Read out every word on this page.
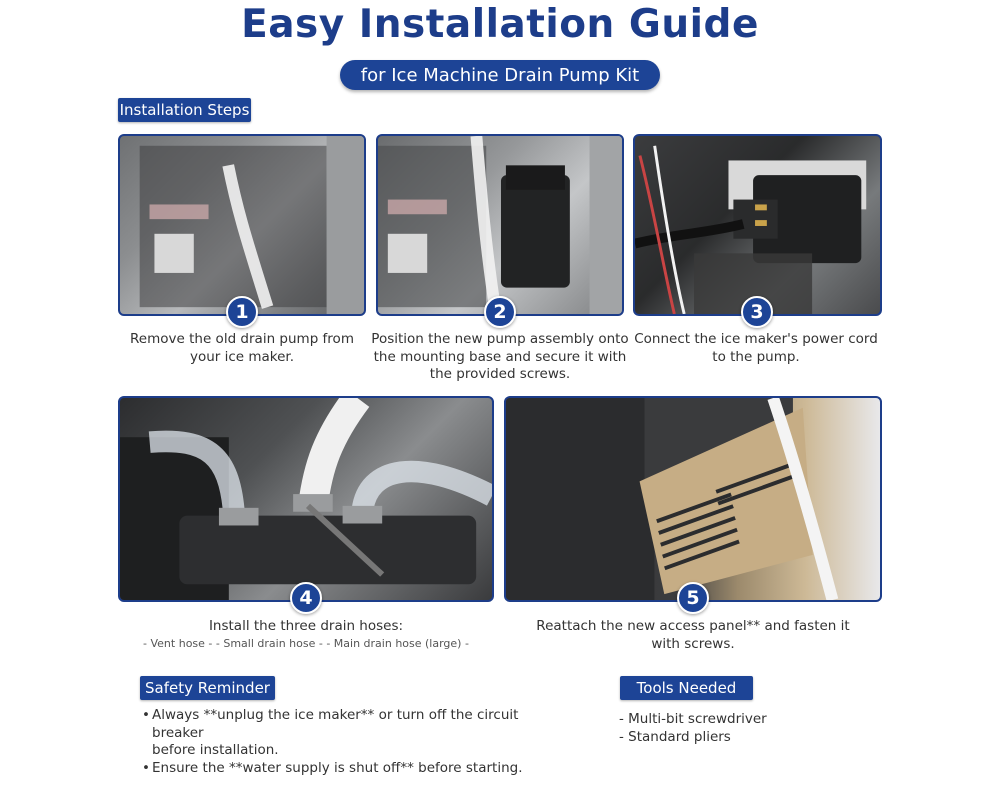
Easy Installation Guide
for Ice Machine Drain Pump Kit
Installation Steps
1	2	3
4	5
Remove the old drain pump from
your ice maker.
Position the new pump assembly onto
the mounting base and secure it with
the provided screws.
Connect the ice maker's power cord
to the pump.
Install the three drain hoses:
- Vent hose - - Small drain hose - - Main drain hose (large) -
Reattach the new access panel** and fasten it
with screws.
Safety Reminder
• Always **unplug the ice maker** or turn off the circuit breaker
before installation.
• Ensure the **water supply is shut off** before starting.
Tools Needed
- Multi-bit screwdriver
- Standard pliers
